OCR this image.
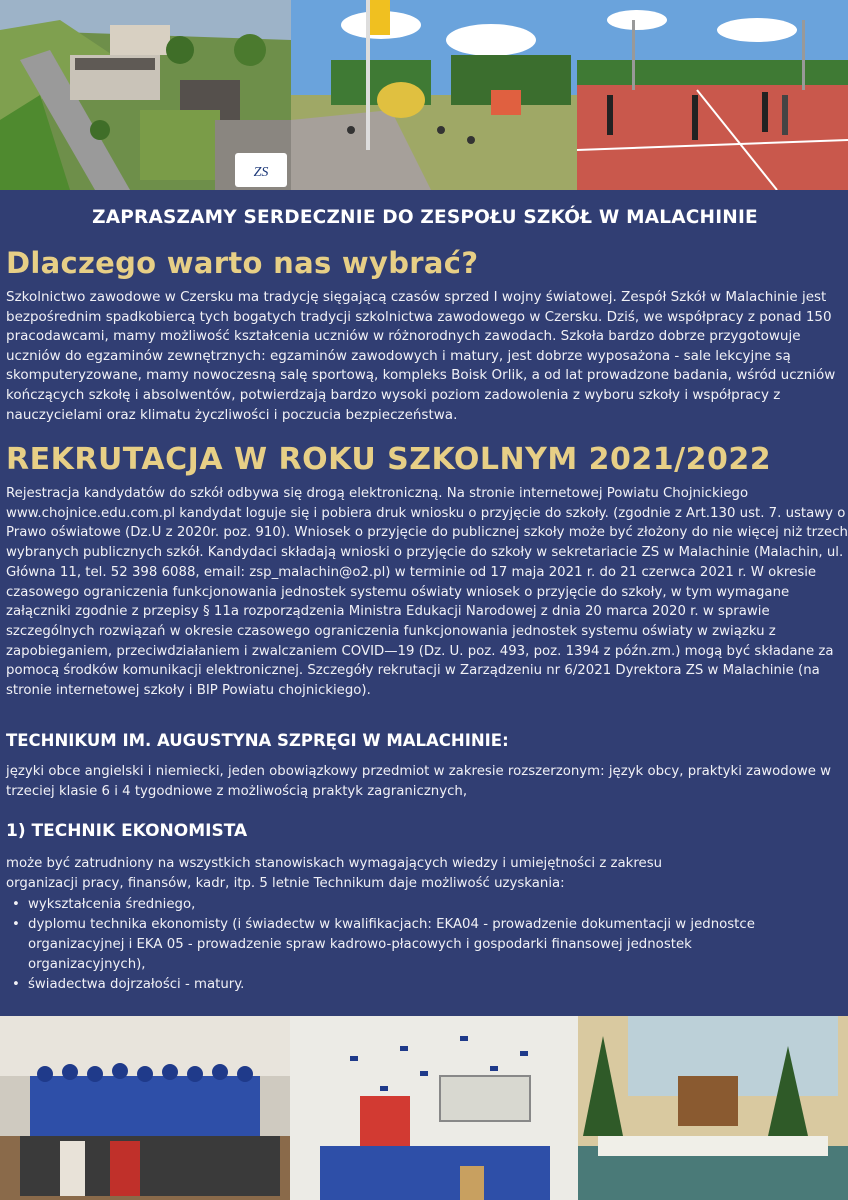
ZS
ZAPRASZAMY SERDECZNIE DO ZESPOŁU SZKÓŁ W MALACHINIE
Dlaczego warto nas wybrać?
Szkolnictwo zawodowe w Czersku ma tradycję sięgającą czasów sprzed I wojny światowej. Zespół Szkół w Malachinie jest bezpośrednim spadkobiercą tych bogatych tradycji szkolnictwa zawodowego w Czersku. Dziś, we współpracy z ponad 150 pracodawcami, mamy możliwość kształcenia uczniów w różnorodnych zawodach. Szkoła bardzo dobrze przygotowuje uczniów do egzaminów zewnętrznych: egzaminów zawodowych i matury, jest dobrze wyposażona - sale lekcyjne są skomputeryzowane, mamy nowoczesną salę sportową, kompleks Boisk Orlik, a od lat prowadzone badania, wśród uczniów kończących szkołę i absolwentów, potwierdzają bardzo wysoki poziom zadowolenia z wyboru szkoły i współpracy z nauczycielami oraz klimatu życzliwości i poczucia bezpieczeństwa.
REKRUTACJA W ROKU SZKOLNYM 2021/2022
Rejestracja kandydatów do szkół odbywa się drogą elektroniczną. Na stronie internetowej Powiatu Chojnickiego www.chojnice.edu.com.pl kandydat loguje się i pobiera druk wniosku o przyjęcie do szkoły. (zgodnie z Art.130 ust. 7. ustawy o Prawo oświatowe (Dz.U z 2020r. poz. 910). Wniosek o przyjęcie do publicznej szkoły może być złożony do nie więcej niż trzech wybranych publicznych szkół. Kandydaci składają wnioski o przyjęcie do szkoły w sekretariacie ZS w Malachinie (Malachin, ul. Główna 11, tel. 52 398 6088, email: zsp_malachin@o2.pl) w terminie od 17 maja 2021 r. do 21 czerwca 2021 r. W okresie czasowego ograniczenia funkcjonowania jednostek systemu oświaty wniosek o przyjęcie do szkoły, w tym wymagane załączniki zgodnie z przepisy § 11a rozporządzenia Ministra Edukacji Narodowej z dnia 20 marca 2020 r. w sprawie szczególnych rozwiązań w okresie czasowego ograniczenia funkcjonowania jednostek systemu oświaty w związku z zapobieganiem, przeciwdziałaniem i zwalczaniem COVID—19 (Dz. U. poz. 493, poz. 1394 z późn.zm.) mogą być składane za pomocą środków komunikacji elektronicznej. Szczegóły rekrutacji w Zarządzeniu nr 6/2021 Dyrektora ZS w Malachinie (na stronie internetowej szkoły i BIP Powiatu chojnickiego).
TECHNIKUM IM. AUGUSTYNA SZPRĘGI W MALACHINIE:
języki obce angielski i niemiecki, jeden obowiązkowy przedmiot w zakresie rozszerzonym: język obcy, praktyki zawodowe w trzeciej klasie 6 i 4 tygodniowe z możliwością praktyk zagranicznych,
1) TECHNIK EKONOMISTA
może być zatrudniony na wszystkich stanowiskach wymagających wiedzy i umiejętności z zakresu organizacji pracy, finansów, kadr, itp. 5 letnie Technikum daje możliwość uzyskania:
• wykształcenia średniego,
• dyplomu technika ekonomisty (i świadectw w kwalifikacjach: EKA04 - prowadzenie dokumentacji w jednostce organizacyjnej i EKA 05 - prowadzenie spraw kadrowo-płacowych i gospodarki finansowej jednostek organizacyjnych),
• świadectwa dojrzałości - matury.
